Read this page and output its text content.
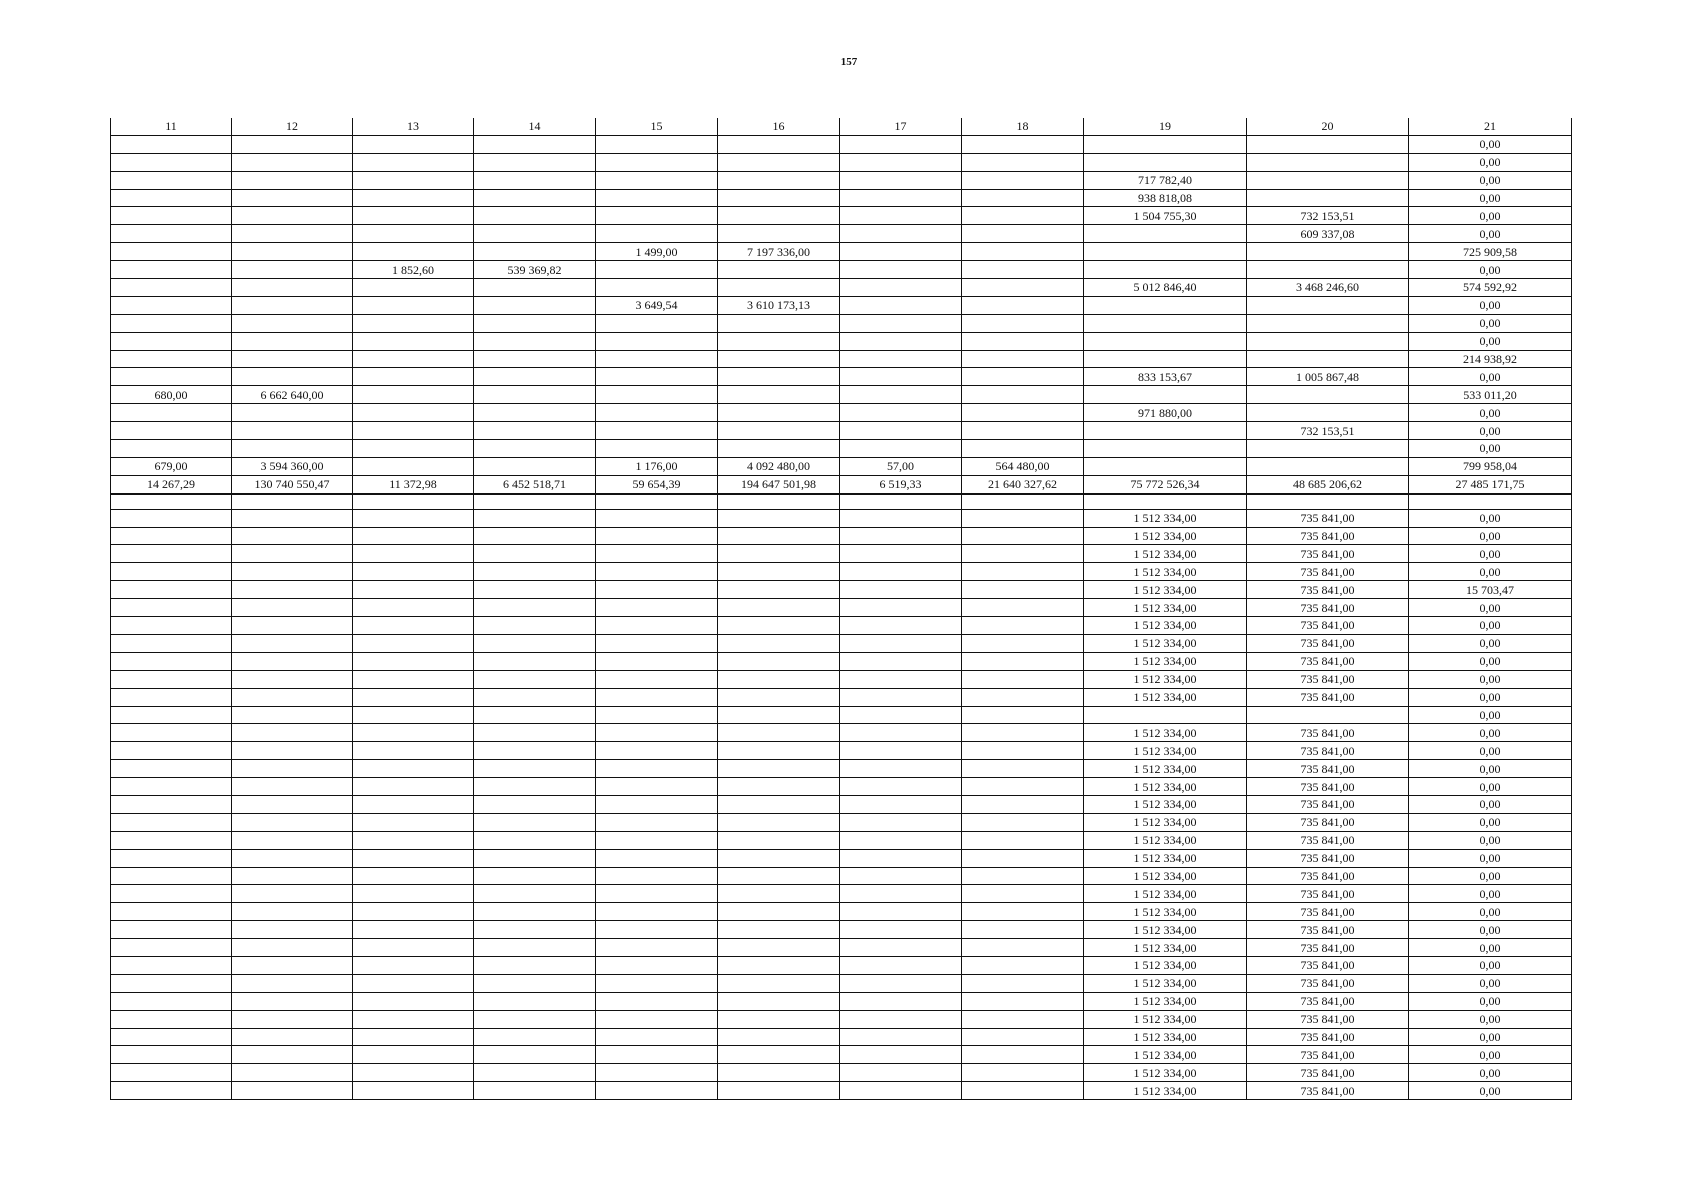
157
11	12	13	14	15	16	17	18	19	20	21
										0,00
										0,00
								717 782,40		0,00
								938 818,08		0,00
								1 504 755,30	732 153,51	0,00
									609 337,08	0,00
				1 499,00	7 197 336,00					725 909,58
		1 852,60	539 369,82							0,00
								5 012 846,40	3 468 246,60	574 592,92
				3 649,54	3 610 173,13					0,00
										0,00
										0,00
										214 938,92
								833 153,67	1 005 867,48	0,00
680,00	6 662 640,00									533 011,20
								971 880,00		0,00
									732 153,51	0,00
										0,00
679,00	3 594 360,00			1 176,00	4 092 480,00	57,00	564 480,00			799 958,04
14 267,29	130 740 550,47	11 372,98	6 452 518,71	59 654,39	194 647 501,98	6 519,33	21 640 327,62	75 772 526,34	48 685 206,62	27 485 171,75

								1 512 334,00	735 841,00	0,00
								1 512 334,00	735 841,00	0,00
								1 512 334,00	735 841,00	0,00
								1 512 334,00	735 841,00	0,00
								1 512 334,00	735 841,00	15 703,47
								1 512 334,00	735 841,00	0,00
								1 512 334,00	735 841,00	0,00
								1 512 334,00	735 841,00	0,00
								1 512 334,00	735 841,00	0,00
								1 512 334,00	735 841,00	0,00
								1 512 334,00	735 841,00	0,00
										0,00
								1 512 334,00	735 841,00	0,00
								1 512 334,00	735 841,00	0,00
								1 512 334,00	735 841,00	0,00
								1 512 334,00	735 841,00	0,00
								1 512 334,00	735 841,00	0,00
								1 512 334,00	735 841,00	0,00
								1 512 334,00	735 841,00	0,00
								1 512 334,00	735 841,00	0,00
								1 512 334,00	735 841,00	0,00
								1 512 334,00	735 841,00	0,00
								1 512 334,00	735 841,00	0,00
								1 512 334,00	735 841,00	0,00
								1 512 334,00	735 841,00	0,00
								1 512 334,00	735 841,00	0,00
								1 512 334,00	735 841,00	0,00
								1 512 334,00	735 841,00	0,00
								1 512 334,00	735 841,00	0,00
								1 512 334,00	735 841,00	0,00
								1 512 334,00	735 841,00	0,00
								1 512 334,00	735 841,00	0,00
								1 512 334,00	735 841,00	0,00
